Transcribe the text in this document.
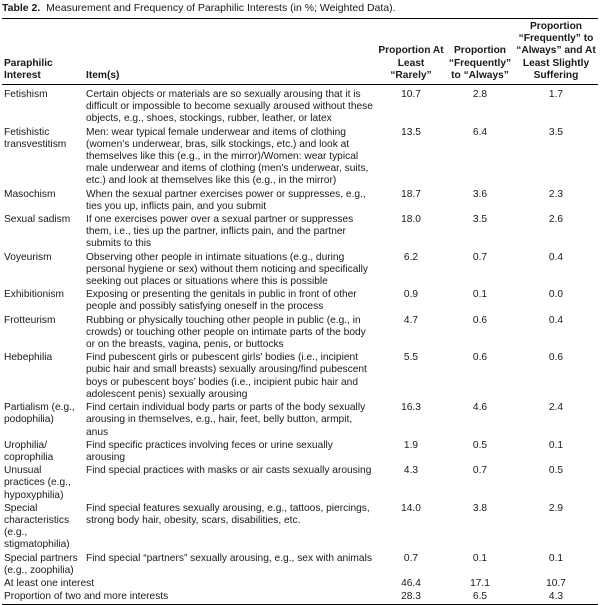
Table 2. Measurement and Frequency of Paraphilic Interests (in %; Weighted Data).
Paraphilic Interest	Item(s)	Proportion At Least “Rarely”	Proportion “Frequently” to “Always”	Proportion “Frequently” to “Always” and At Least Slightly Suffering
Fetishism	Certain objects or materials are so sexually arousing that it is difficult or impossible to become sexually aroused without these objects, e.g., shoes, stockings, rubber, leather, or latex	10.7	2.8	1.7
Fetishistic transvestitism	Men: wear typical female underwear and items of clothing (women’s underwear, bras, silk stockings, etc.) and look at themselves like this (e.g., in the mirror)/Women: wear typical male underwear and items of clothing (men’s underwear, suits, etc.) and look at themselves like this (e.g., in the mirror)	13.5	6.4	3.5
Masochism	When the sexual partner exercises power or suppresses, e.g., ties you up, inflicts pain, and you submit	18.7	3.6	2.3
Sexual sadism	If one exercises power over a sexual partner or suppresses them, i.e., ties up the partner, inflicts pain, and the partner submits to this	18.0	3.5	2.6
Voyeurism	Observing other people in intimate situations (e.g., during personal hygiene or sex) without them noticing and specifically seeking out places or situations where this is possible	6.2	0.7	0.4
Exhibitionism	Exposing or presenting the genitals in public in front of other people and possibly satisfying oneself in the process	0.9	0.1	0.0
Frotteurism	Rubbing or physically touching other people in public (e.g., in crowds) or touching other people on intimate parts of the body or on the breasts, vagina, penis, or buttocks	4.7	0.6	0.4
Hebephilia	Find pubescent girls or pubescent girls’ bodies (i.e., incipient pubic hair and small breasts) sexually arousing/find pubescent boys or pubescent boys’ bodies (i.e., incipient pubic hair and adolescent penis) sexually arousing	5.5	0.6	0.6
Partialism (e.g., podophilia)	Find certain individual body parts or parts of the body sexually arousing in themselves, e.g., hair, feet, belly button, armpit, anus	16.3	4.6	2.4
Urophilia/ coprophilia	Find specific practices involving feces or urine sexually arousing	1.9	0.5	0.1
Unusual practices (e.g., hypoxyphilia)	Find special practices with masks or air casts sexually arousing	4.3	0.7	0.5
Special characteristics (e.g., stigmatophilia)	Find special features sexually arousing, e.g., tattoos, piercings, strong body hair, obesity, scars, disabilities, etc.	14.0	3.8	2.9
Special partners (e.g., zoophilia)	Find special “partners” sexually arousing, e.g., sex with animals	0.7	0.1	0.1
At least one interest		46.4	17.1	10.7
Proportion of two and more interests		28.3	6.5	4.3
